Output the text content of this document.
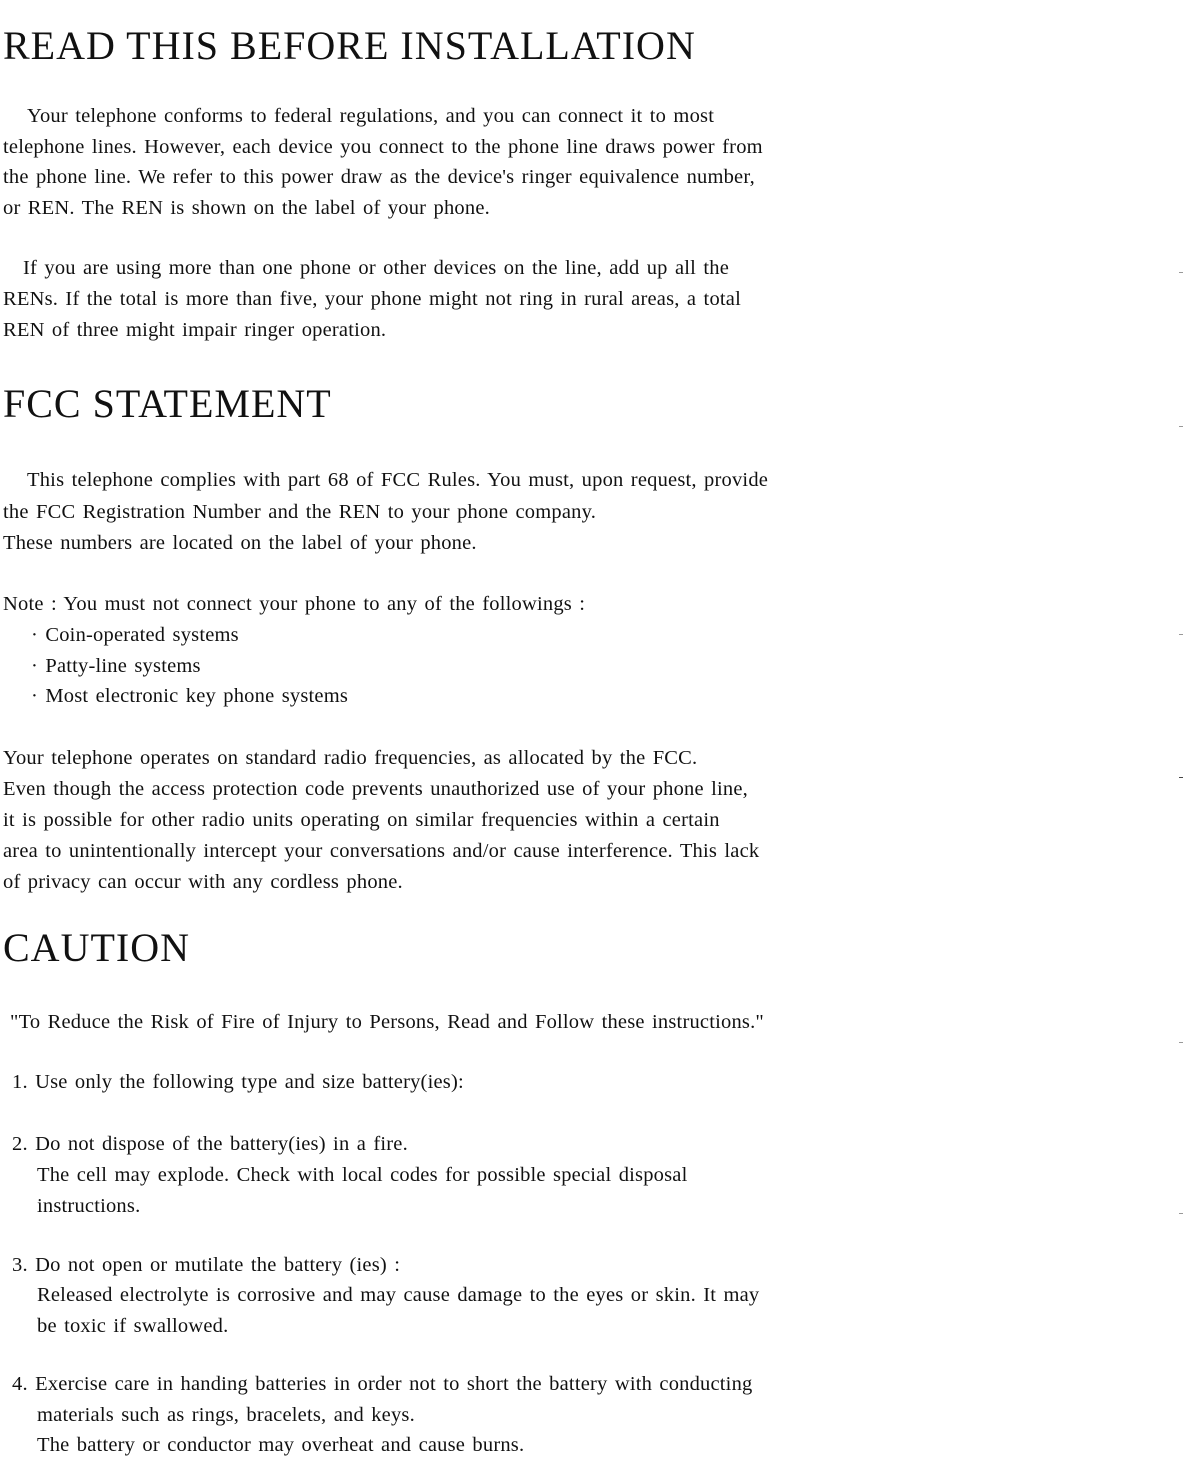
READ THIS BEFORE INSTALLATION

Your telephone conforms to federal regulations, and you can connect it to most

telephone lines. However, each device you connect to the phone line draws power from

the phone line. We refer to this power draw as the device's ringer equivalence number,

or REN. The REN is shown on the label of your phone.

If you are using more than one phone or other devices on the line, add up all the

RENs. If the total is more than five, your phone might not ring in rural areas, a total

REN of three might impair ringer operation.

FCC STATEMENT

This telephone complies with part 68 of FCC Rules. You must, upon request, provide

the FCC Registration Number and the REN to your phone company.

These numbers are located on the label of your phone.

Note : You must not connect your phone to any of the followings :

· Coin-operated systems

· Patty-line systems

· Most electronic key phone systems

Your telephone operates on standard radio frequencies, as allocated by the FCC.

Even though the access protection code prevents unauthorized use of your phone line,

it is possible for other radio units operating on similar frequencies within a certain

area to unintentionally intercept your conversations and/or cause interference. This lack

of privacy can occur with any cordless phone.

CAUTION

"To Reduce the Risk of Fire of Injury to Persons, Read and Follow these instructions."

1. Use only the following type and size battery(ies):

2. Do not dispose of the battery(ies) in a fire.

The cell may explode. Check with local codes for possible special disposal

instructions.

3. Do not open or mutilate the battery (ies) :

Released electrolyte is corrosive and may cause damage to the eyes or skin. It may

be toxic if swallowed.

4. Exercise care in handing batteries in order not to short the battery with conducting

materials such as rings, bracelets, and keys.

The battery or conductor may overheat and cause burns.
